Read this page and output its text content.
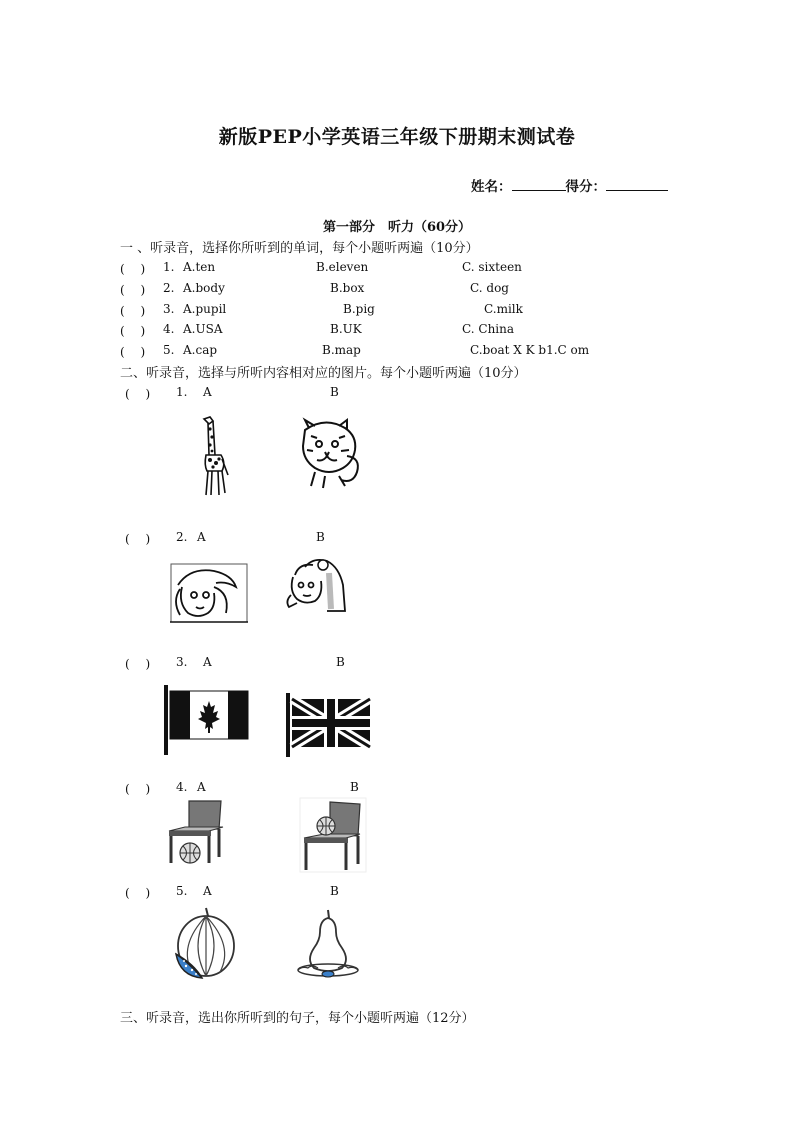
新版PEP小学英语三年级下册期末测试卷
姓名：	得分：
第一部分　听力（60分）
一 、听录音，选择你所听到的单词，每个小题听两遍（10分）
(　 ) 1. A.ten	B.eleven	C. sixteen
(　 ) 2. A.body	B.box	C. dog
(　 ) 3. A.pupil	B.pig	C.milk
(　 ) 4. A.USA	B.UK	C. China
(　 ) 5. A.cap	B.map	C.boat X K b1.C om
二、听录音，选择与所听内容相对应的图片。每个小题听两遍（10分）
(　 ) 1. A	B
(　 ) 2. A	B
(　 ) 3. A	B
(　 ) 4. A	B
(　 ) 5. A	B
三、听录音，选出你所听到的句子，每个小题听两遍（12分）
